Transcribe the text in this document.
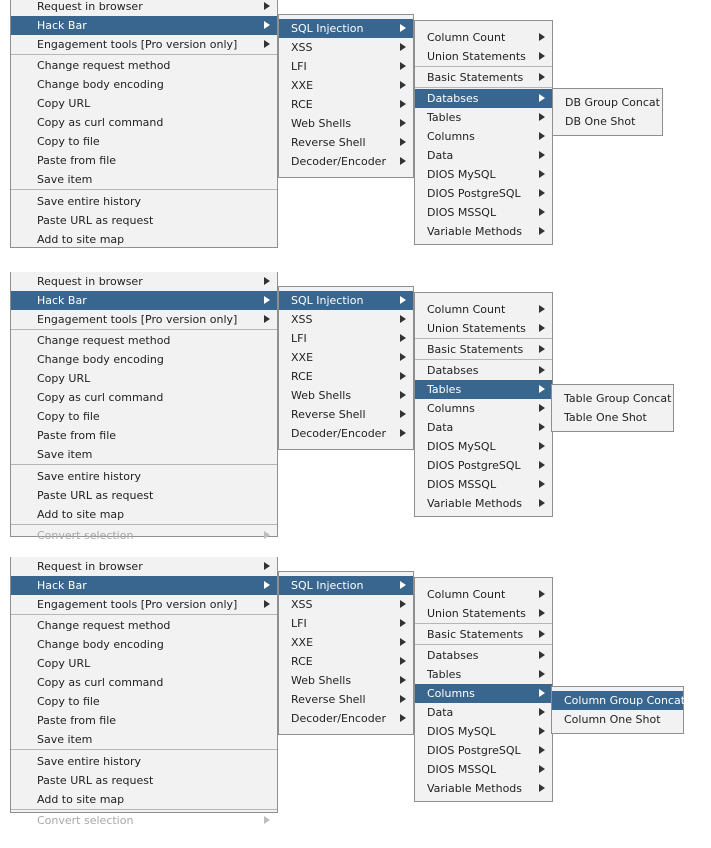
Request in browser
Hack Bar
Engagement tools [Pro version only]
Change request method
Change body encoding
Copy URL
Copy as curl command
Copy to file
Paste from file
Save item
Save entire history
Paste URL as request
Add to site map
SQL Injection
XSS
LFI
XXE
RCE
Web Shells
Reverse Shell
Decoder/Encoder
Column Count
Union Statements
Basic Statements
Databses
Tables
Columns
Data
DIOS MySQL
DIOS PostgreSQL
DIOS MSSQL
Variable Methods
DB Group Concat
DB One Shot
Request in browser
Hack Bar
Engagement tools [Pro version only]
Change request method
Change body encoding
Copy URL
Copy as curl command
Copy to file
Paste from file
Save item
Save entire history
Paste URL as request
Add to site map
Convert selection
SQL Injection
XSS
LFI
XXE
RCE
Web Shells
Reverse Shell
Decoder/Encoder
Column Count
Union Statements
Basic Statements
Databses
Tables
Columns
Data
DIOS MySQL
DIOS PostgreSQL
DIOS MSSQL
Variable Methods
Table Group Concat
Table One Shot
Request in browser
Hack Bar
Engagement tools [Pro version only]
Change request method
Change body encoding
Copy URL
Copy as curl command
Copy to file
Paste from file
Save item
Save entire history
Paste URL as request
Add to site map
Convert selection
SQL Injection
XSS
LFI
XXE
RCE
Web Shells
Reverse Shell
Decoder/Encoder
Column Count
Union Statements
Basic Statements
Databses
Tables
Columns
Data
DIOS MySQL
DIOS PostgreSQL
DIOS MSSQL
Variable Methods
Column Group Concat
Column One Shot
